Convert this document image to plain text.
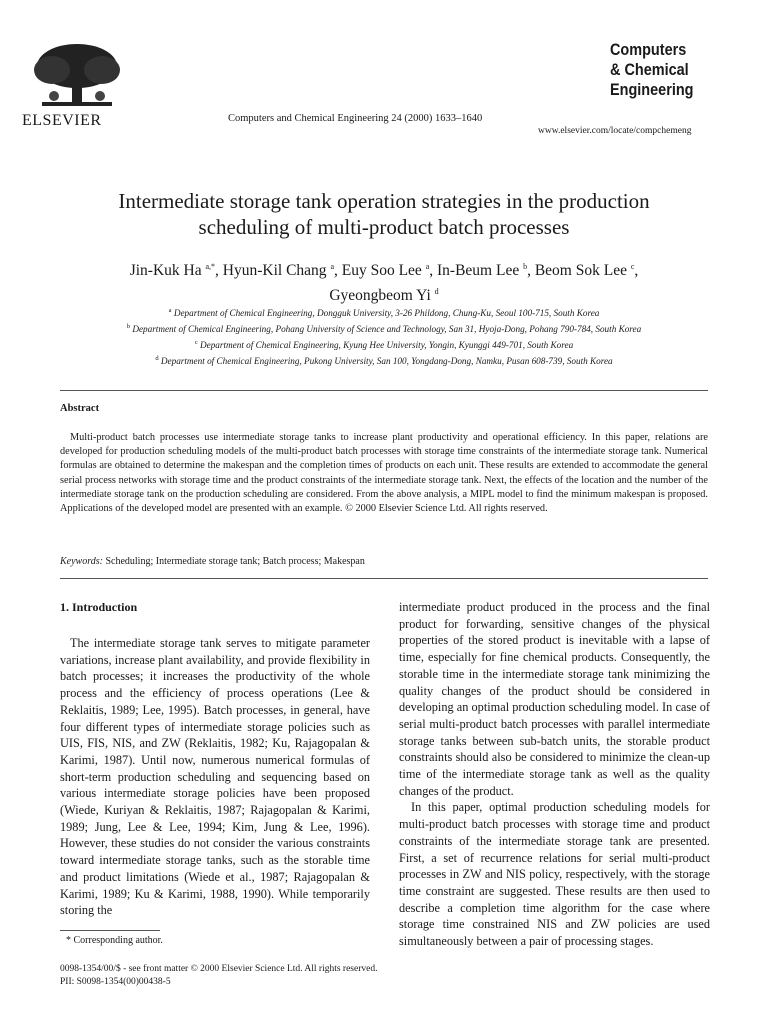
ELSEVIER	Computers and Chemical Engineering 24 (2000) 1633–1640
Computers
& Chemical
Engineering
www.elsevier.com/locate/compchemeng
Intermediate storage tank operation strategies in the production
scheduling of multi-product batch processes
Jin-Kuk Ha $^{a,*}$, Hyun-Kil Chang $^a$, Euy Soo Lee $^a$, In-Beum Lee $^b$, Beom Sok Lee $^c$,
Gyeongbeom Yi $^d$
$^a$ Department of Chemical Engineering, Dongguk University, 3-26 Phildong, Chung-Ku, Seoul 100-715, South Korea
$^b$ Department of Chemical Engineering, Pohang University of Science and Technology, San 31, Hyoja-Dong, Pohang 790-784, South Korea
$^c$ Department of Chemical Engineering, Kyung Hee University, Yongin, Kyunggi 449-701, South Korea
$^d$ Department of Chemical Engineering, Pukong University, San 100, Yongdang-Dong, Namku, Pusan 608-739, South Korea
Abstract
Multi-product batch processes use intermediate storage tanks to increase plant productivity and operational efficiency. In this paper, relations are developed for production scheduling models of the multi-product batch processes with storage time constraints of the intermediate storage tank. Numerical formulas are obtained to determine the makespan and the completion times of products on each unit. These results are extended to accommodate the general serial process networks with storage time and the product constraints of the intermediate storage tank. Next, the effects of the location and the number of the intermediate storage tank on the production scheduling are considered. From the above analysis, a MIPL model to find the minimum makespan is proposed. Applications of the developed model are presented with an example. © 2000 Elsevier Science Ltd. All rights reserved.
Keywords: Scheduling; Intermediate storage tank; Batch process; Makespan
1. Introduction
The intermediate storage tank serves to mitigate parameter variations, increase plant availability, and provide flexibility in batch processes; it increases the productivity of the whole process and the efficiency of process operations (Lee & Reklaitis, 1989; Lee, 1995). Batch processes, in general, have four different types of intermediate storage policies such as UIS, FIS, NIS, and ZW (Reklaitis, 1982; Ku, Rajagopalan & Karimi, 1987). Until now, numerous numerical formulas of short-term production scheduling and sequencing based on various intermediate storage policies have been proposed (Wiede, Kuriyan & Reklaitis, 1987; Rajagopalan & Karimi, 1989; Jung, Lee & Lee, 1994; Kim, Jung & Lee, 1996). However, these studies do not consider the various constraints toward intermediate storage tanks, such as the storable time and product limitations (Wiede et al., 1987; Rajagopalan & Karimi, 1989; Ku & Karimi, 1988, 1990). While temporarily storing the

intermediate product produced in the process and the final product for forwarding, sensitive changes of the physical properties of the stored product is inevitable with a lapse of time, especially for fine chemical products. Consequently, the storable time in the intermediate storage tank minimizing the quality changes of the product should be considered in developing an optimal production scheduling model. In case of serial multi-product batch processes with parallel intermediate storage tanks between sub-batch units, the storable product constraints should also be considered to minimize the clean-up time of the intermediate storage tank as well as the quality changes of the product.

In this paper, optimal production scheduling models for multi-product batch processes with storage time and product constraints of the intermediate storage tank are presented. First, a set of recurrence relations for serial multi-product processes in ZW and NIS policy, respectively, with the storage time constraint are suggested. These results are then used to describe a completion time algorithm for the case where storage time constrained NIS and ZW policies are used simultaneously between a pair of processing stages.

* Corresponding author.
0098-1354/00/$ - see front matter © 2000 Elsevier Science Ltd. All rights reserved.
PII: S0098-1354(00)00438-5
